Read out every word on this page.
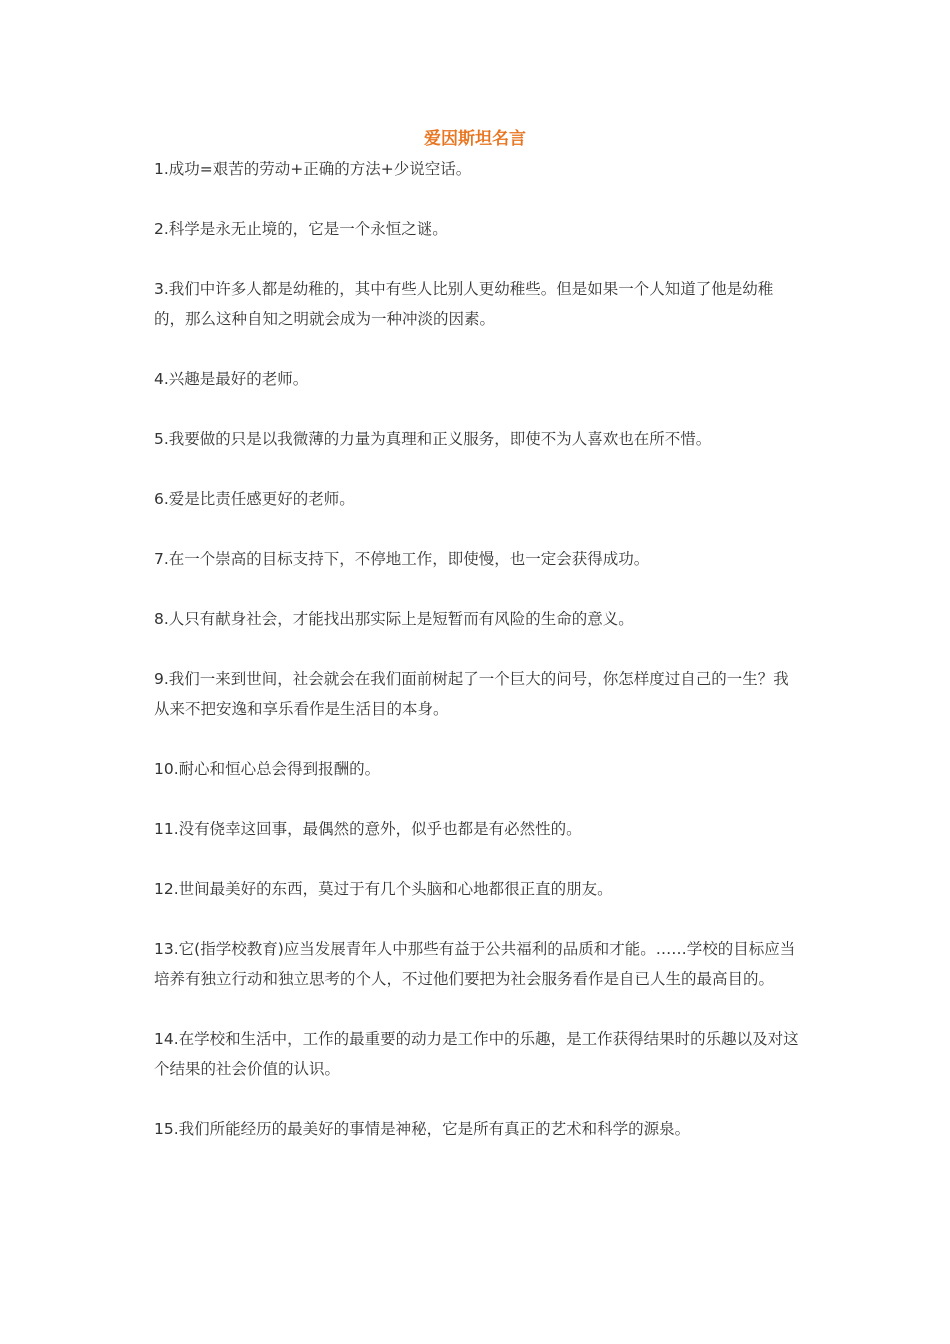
爱因斯坦名言
1.成功=艰苦的劳动+正确的方法+少说空话。
2.科学是永无止境的，它是一个永恒之谜。
3.我们中许多人都是幼稚的，其中有些人比别人更幼稚些。但是如果一个人知道了他是幼稚的，那么这种自知之明就会成为一种冲淡的因素。
4.兴趣是最好的老师。
5.我要做的只是以我微薄的力量为真理和正义服务，即使不为人喜欢也在所不惜。
6.爱是比责任感更好的老师。
7.在一个崇高的目标支持下，不停地工作，即使慢，也一定会获得成功。
8.人只有献身社会，才能找出那实际上是短暂而有风险的生命的意义。
9.我们一来到世间，社会就会在我们面前树起了一个巨大的问号，你怎样度过自己的一生？我从来不把安逸和享乐看作是生活目的本身。
10.耐心和恒心总会得到报酬的。
11.没有侥幸这回事，最偶然的意外，似乎也都是有必然性的。
12.世间最美好的东西，莫过于有几个头脑和心地都很正直的朋友。
13.它(指学校教育)应当发展青年人中那些有益于公共福利的品质和才能。……学校的目标应当培养有独立行动和独立思考的个人，不过他们要把为社会服务看作是自已人生的最高目的。
14.在学校和生活中，工作的最重要的动力是工作中的乐趣，是工作获得结果时的乐趣以及对这个结果的社会价值的认识。
15.我们所能经历的最美好的事情是神秘，它是所有真正的艺术和科学的源泉。
